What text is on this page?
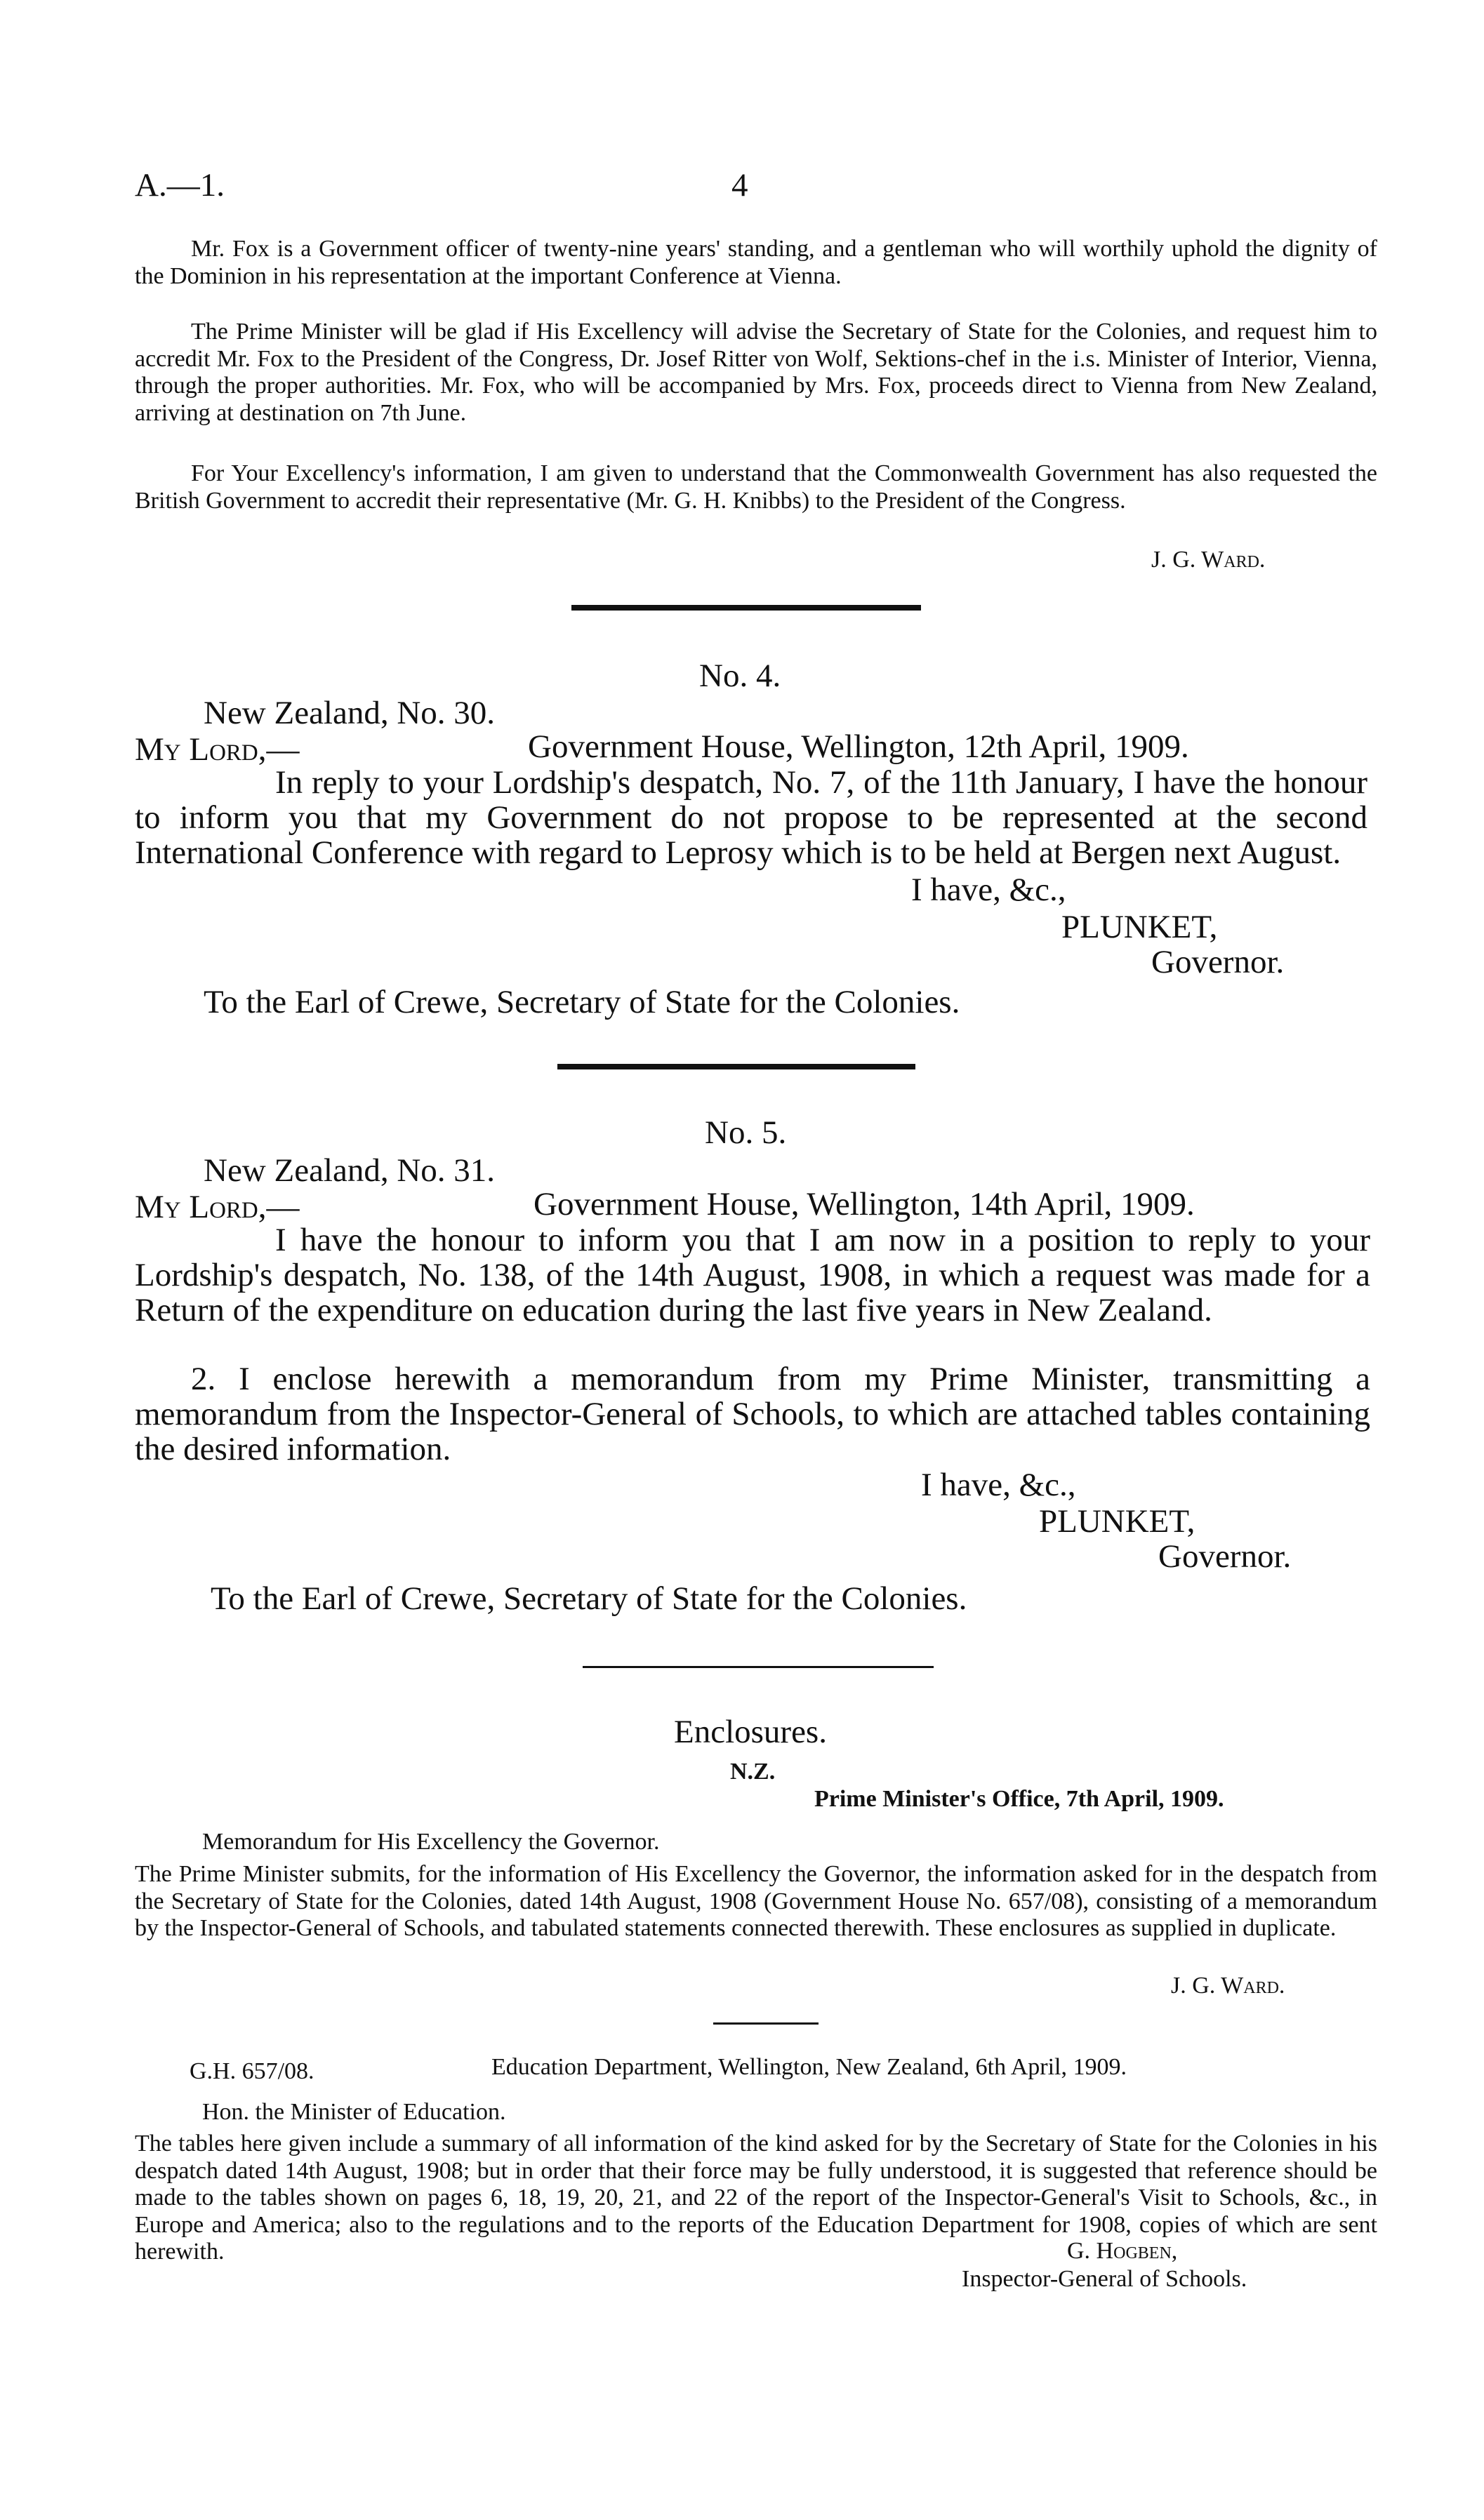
A.—1.	4
Mr. Fox is a Government officer of twenty-nine years' standing, and a gentleman who will worthily uphold the dignity of the Dominion in his representation at the important Conference at Vienna.
The Prime Minister will be glad if His Excellency will advise the Secretary of State for the Colonies, and request him to accredit Mr. Fox to the President of the Congress, Dr. Josef Ritter von Wolf, Sektions-chef in the i.s. Minister of Interior, Vienna, through the proper authorities. Mr. Fox, who will be accompanied by Mrs. Fox, proceeds direct to Vienna from New Zealand, arriving at destination on 7th June.
For Your Excellency's information, I am given to understand that the Commonwealth Government has also requested the British Government to accredit their representative (Mr. G. H. Knibbs) to the President of the Congress.
J. G. Ward.
No. 4.
New Zealand, No. 30.
My Lord,—	Government House, Wellington, 12th April, 1909.
In reply to your Lordship's despatch, No. 7, of the 11th January, I have the honour to inform you that my Government do not propose to be represented at the second International Conference with regard to Leprosy which is to be held at Bergen next August.
I have, &c.,
PLUNKET,
Governor.
To the Earl of Crewe, Secretary of State for the Colonies.
No. 5.
New Zealand, No. 31.
My Lord,—	Government House, Wellington, 14th April, 1909.
I have the honour to inform you that I am now in a position to reply to your Lordship's despatch, No. 138, of the 14th August, 1908, in which a request was made for a Return of the expenditure on education during the last five years in New Zealand.
2. I enclose herewith a memorandum from my Prime Minister, transmitting a memorandum from the Inspector-General of Schools, to which are attached tables containing the desired information.
I have, &c.,
PLUNKET,
Governor.
To the Earl of Crewe, Secretary of State for the Colonies.
Enclosures.
N.Z.
Prime Minister's Office, 7th April, 1909.
Memorandum for His Excellency the Governor.
The Prime Minister submits, for the information of His Excellency the Governor, the information asked for in the despatch from the Secretary of State for the Colonies, dated 14th August, 1908 (Government House No. 657/08), consisting of a memorandum by the Inspector-General of Schools, and tabulated statements connected therewith. These enclosures as supplied in duplicate.
J. G. Ward.
G.H. 657/08.	Education Department, Wellington, New Zealand, 6th April, 1909.
Hon. the Minister of Education.
The tables here given include a summary of all information of the kind asked for by the Secretary of State for the Colonies in his despatch dated 14th August, 1908; but in order that their force may be fully understood, it is suggested that reference should be made to the tables shown on pages 6, 18, 19, 20, 21, and 22 of the report of the Inspector-General's Visit to Schools, &c., in Europe and America; also to the regulations and to the reports of the Education Department for 1908, copies of which are sent herewith.	G. Hogben,
Inspector-General of Schools.
